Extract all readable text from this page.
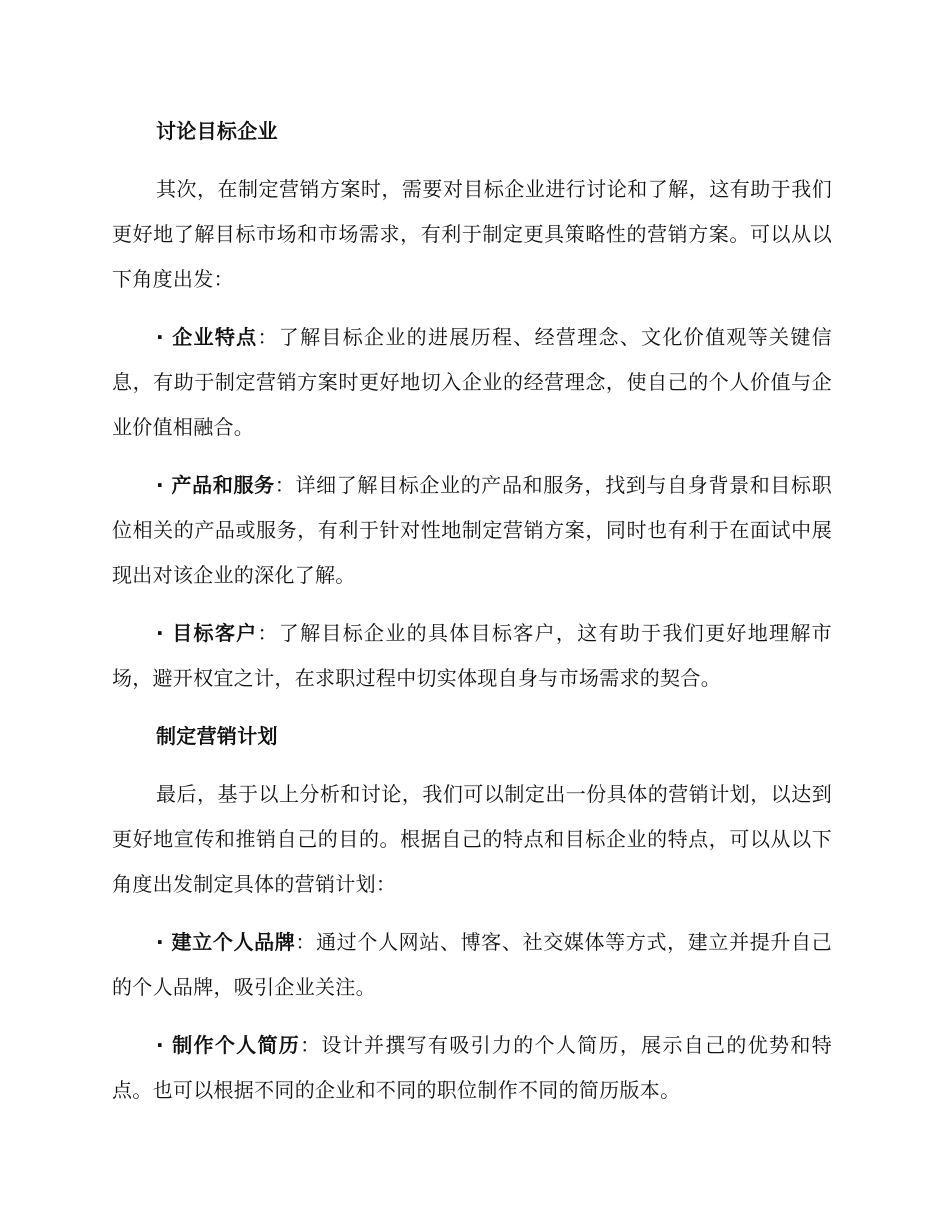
讨论目标企业
其次，在制定营销方案时，需要对目标企业进行讨论和了解，这有助于我们更好地了解目标市场和市场需求，有利于制定更具策略性的营销方案。可以从以下角度出发：
· 企业特点：了解目标企业的进展历程、经营理念、文化价值观等关键信息，有助于制定营销方案时更好地切入企业的经营理念，使自己的个人价值与企业价值相融合。
· 产品和服务：详细了解目标企业的产品和服务，找到与自身背景和目标职位相关的产品或服务，有利于针对性地制定营销方案，同时也有利于在面试中展现出对该企业的深化了解。
· 目标客户：了解目标企业的具体目标客户，这有助于我们更好地理解市场，避开权宜之计，在求职过程中切实体现自身与市场需求的契合。
制定营销计划
最后，基于以上分析和讨论，我们可以制定出一份具体的营销计划，以达到更好地宣传和推销自己的目的。根据自己的特点和目标企业的特点，可以从以下角度出发制定具体的营销计划：
· 建立个人品牌：通过个人网站、博客、社交媒体等方式，建立并提升自己的个人品牌，吸引企业关注。
· 制作个人简历：设计并撰写有吸引力的个人简历，展示自己的优势和特点。也可以根据不同的企业和不同的职位制作不同的简历版本。
